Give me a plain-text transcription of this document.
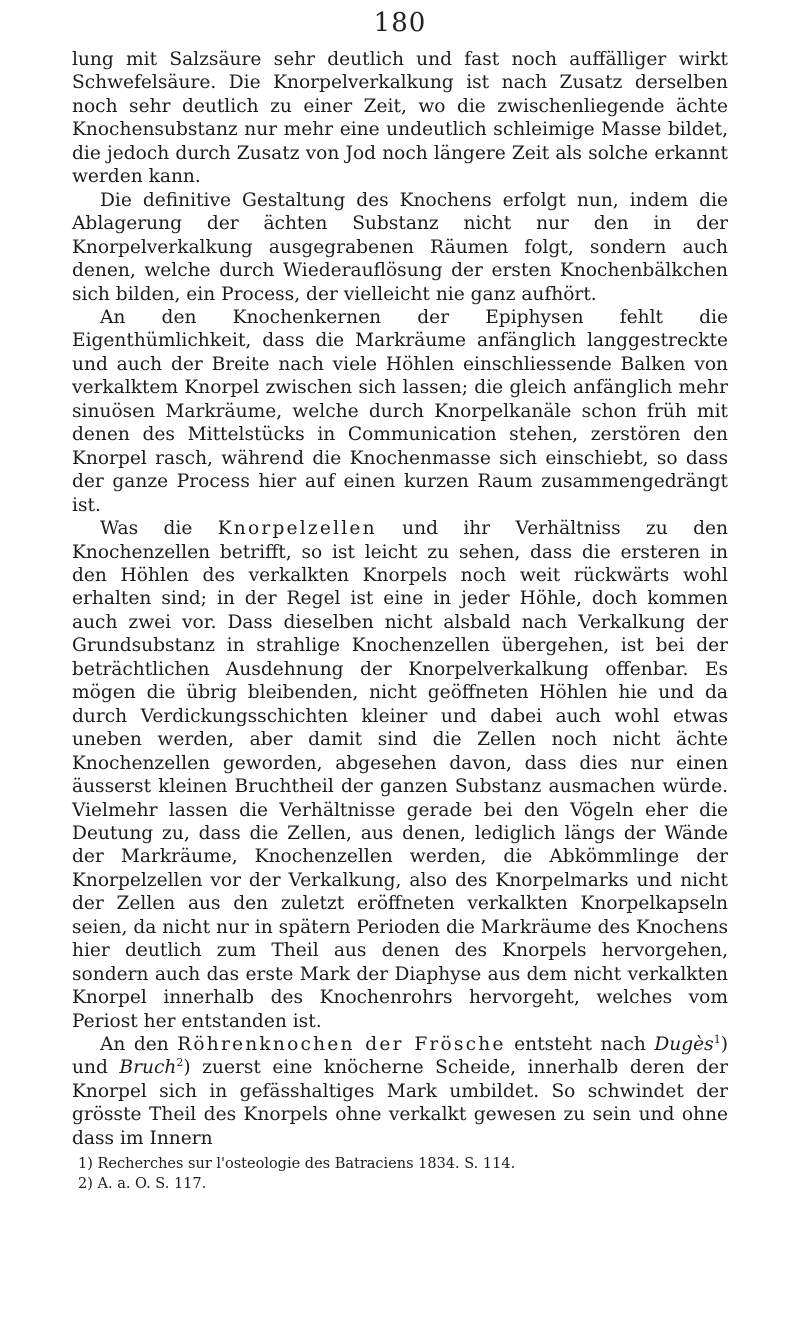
180

lung mit Salzsäure sehr deutlich und fast noch auffälliger wirkt Schwefelsäure. Die Knorpelverkalkung ist nach Zusatz derselben noch sehr deutlich zu einer Zeit, wo die zwischenliegende ächte Knochensubstanz nur mehr eine undeutlich schleimige Masse bildet, die jedoch durch Zusatz von Jod noch längere Zeit als solche erkannt werden kann.

Die definitive Gestaltung des Knochens erfolgt nun, indem die Ablagerung der ächten Substanz nicht nur den in der Knorpelverkalkung ausgegrabenen Räumen folgt, sondern auch denen, welche durch Wiederauflösung der ersten Knochenbälkchen sich bilden, ein Process, der vielleicht nie ganz aufhört.

An den Knochenkernen der Epiphysen fehlt die Eigenthümlichkeit, dass die Markräume anfänglich langgestreckte und auch der Breite nach viele Höhlen einschliessende Balken von verkalktem Knorpel zwischen sich lassen; die gleich anfänglich mehr sinuösen Markräume, welche durch Knorpelkanäle schon früh mit denen des Mittelstücks in Communication stehen, zerstören den Knorpel rasch, während die Knochenmasse sich einschiebt, so dass der ganze Process hier auf einen kurzen Raum zusammengedrängt ist.

Was die Knorpelzellen und ihr Verhältniss zu den Knochenzellen betrifft, so ist leicht zu sehen, dass die ersteren in den Höhlen des verkalkten Knorpels noch weit rückwärts wohl erhalten sind; in der Regel ist eine in jeder Höhle, doch kommen auch zwei vor. Dass dieselben nicht alsbald nach Verkalkung der Grundsubstanz in strahlige Knochenzellen übergehen, ist bei der beträchtlichen Ausdehnung der Knorpelverkalkung offenbar. Es mögen die übrig bleibenden, nicht geöffneten Höhlen hie und da durch Verdickungsschichten kleiner und dabei auch wohl etwas uneben werden, aber damit sind die Zellen noch nicht ächte Knochenzellen geworden, abgesehen davon, dass dies nur einen äusserst kleinen Bruchtheil der ganzen Substanz ausmachen würde. Vielmehr lassen die Verhältnisse gerade bei den Vögeln eher die Deutung zu, dass die Zellen, aus denen, lediglich längs der Wände der Markräume, Knochenzellen werden, die Abkömmlinge der Knorpelzellen vor der Verkalkung, also des Knorpelmarks und nicht der Zellen aus den zuletzt eröffneten verkalkten Knorpelkapseln seien, da nicht nur in spätern Perioden die Markräume des Knochens hier deutlich zum Theil aus denen des Knorpels hervorgehen, sondern auch das erste Mark der Diaphyse aus dem nicht verkalkten Knorpel innerhalb des Knochenrohrs hervorgeht, welches vom Periost her entstanden ist.

An den Röhrenknochen der Frösche entsteht nach Dugès$^1$) und Bruch$^2$) zuerst eine knöcherne Scheide, innerhalb deren der Knorpel sich in gefässhaltiges Mark umbildet. So schwindet der grösste Theil des Knorpels ohne verkalkt gewesen zu sein und ohne dass im Innern

1) Recherches sur l'osteologie des Batraciens 1834. S. 114.

2) A. a. O. S. 117.
